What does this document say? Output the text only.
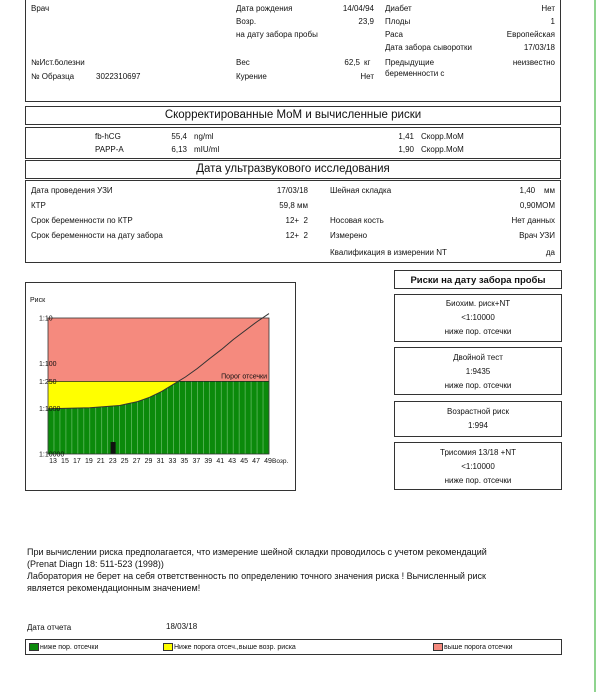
Врач	Дата рождения	14/04/94
Возр.	23,9
на дату забора пробы
Диабет	Нет
Плоды	1
Раса	Европейская
Дата забора сыворотки	17/03/18
№Ист.болезни
№ Образца	3022310697
Вес	62,5 кг
Курение	Нет
Предыдущие
беременности с
неизвестно
Скорректированные МоМ и вычисленные риски
fb-hCG	55,4 ng/ml	1,41 Скорр.МоМ
PAPP-A	6,13 mIU/ml	1,90 Скорр.МоМ
Дата ультразвукового исследования
Дата проведения УЗИ	17/03/18
КТР	59,8 мм
Срок беременности по КТР	12+  2
Срок беременности на дату забора	12+  2
Шейная складка	1,40    мм
0,90МОМ
Носовая кость	Нет данных
Измерено	Врач УЗИ
Квалификация в измерении NT	да
Риск
1:10
1:100
1:250
1:1000
1:10000
13 15 17 19 21 23 25 27 29 31 33 35 37 39 41 43 45 47 49 Возр.
Порог отсечки
Риски на дату забора пробы
Биохим. риск+NT
<1:10000
ниже пор. отсечки
Двойной тест
1:9435
ниже пор. отсечки
Возрастной риск
1:994
Трисомия 13/18 +NT
<1:10000
ниже пор. отсечки
При вычислении риска предполагается, что измерение шейной складки проводилось с учетом рекомендаций
(Prenat Diagn 18: 511-523 (1998))
Лаборатория не берет на себя ответственность по определению точного значения риска ! Вычисленный риск
является рекомендационным значением!
Дата отчета	18/03/18
ниже пор. отсечки	Ниже порога отсеч.,выше возр. риска	выше порога отсечки
